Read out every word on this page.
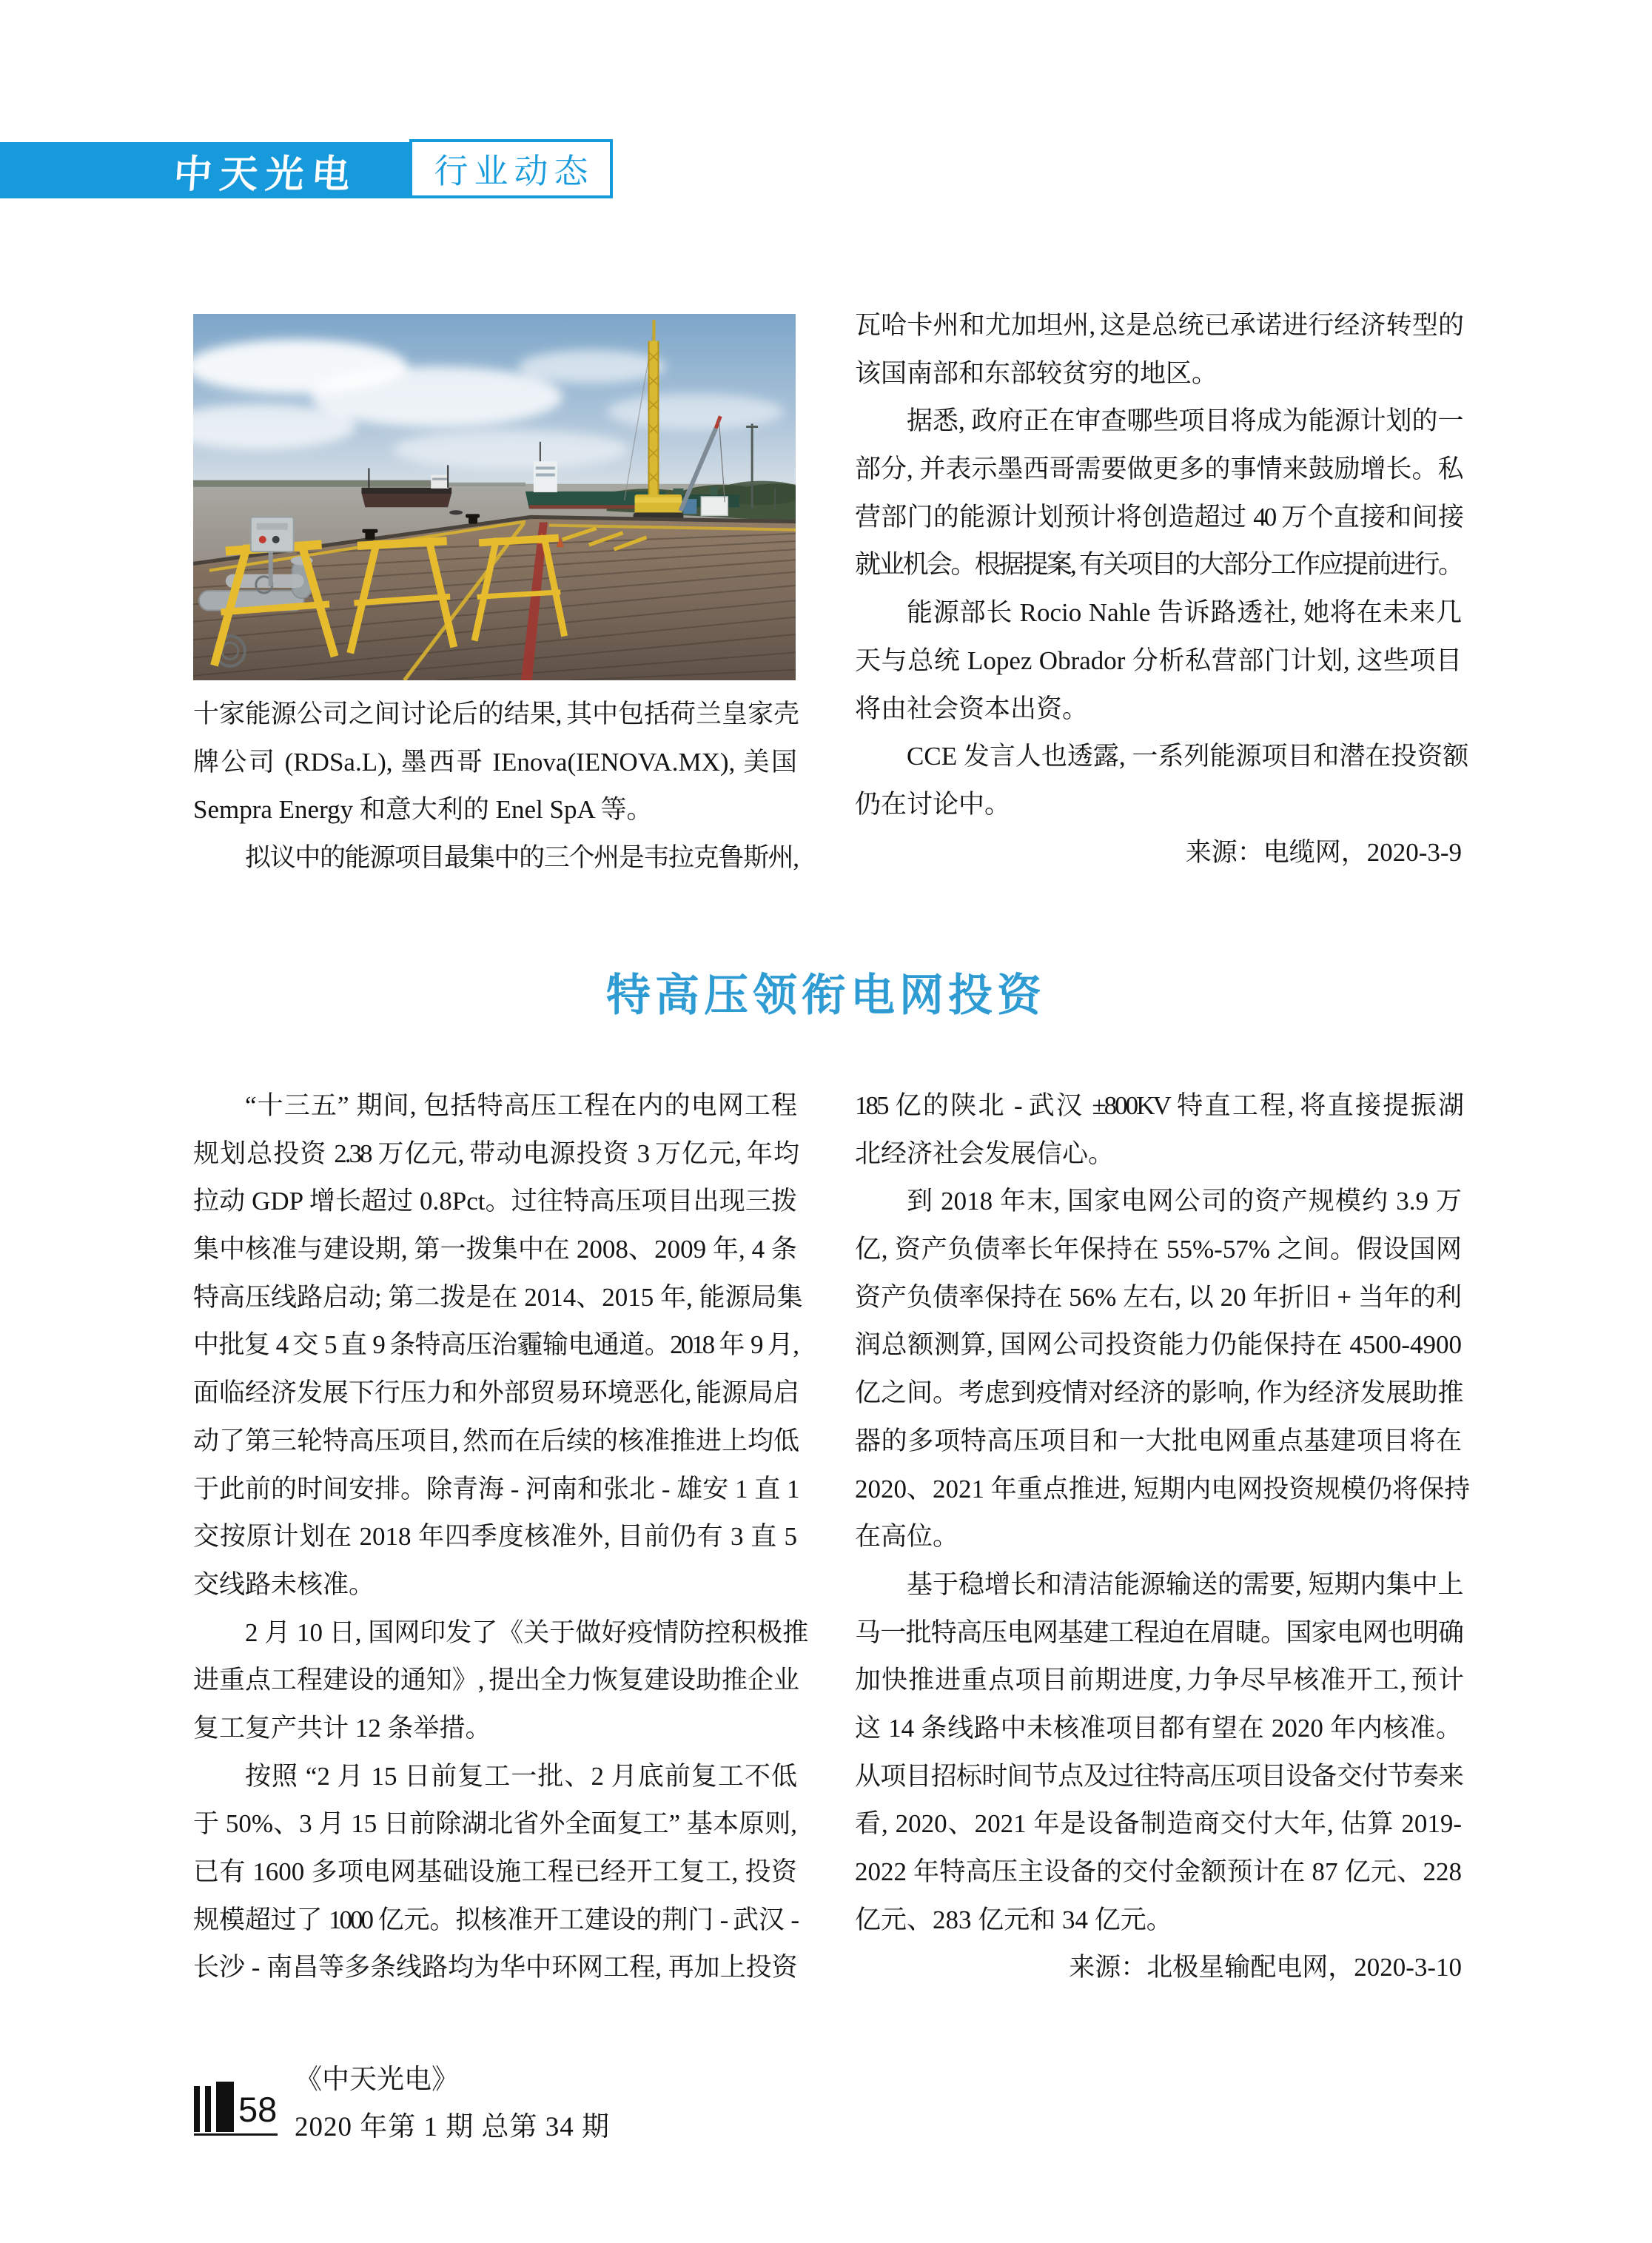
中天光电 行业动态
十家能源公司之间讨论后的结果, 其中包括荷兰皇家壳
牌公司 (RDSa.L), 墨西哥 IEnova(IENOVA.MX), 美国
Sempra Energy 和意大利的 Enel SpA 等。
拟议中的能源项目最集中的三个州是韦拉克鲁斯州,
瓦哈卡州和尤加坦州, 这是总统已承诺进行经济转型的
该国南部和东部较贫穷的地区。
据悉, 政府正在审查哪些项目将成为能源计划的一
部分, 并表示墨西哥需要做更多的事情来鼓励增长。私
营部门的能源计划预计将创造超过 40 万个直接和间接
就业机会。根据提案, 有关项目的大部分工作应提前进行。
能源部长 Rocio Nahle 告诉路透社, 她将在未来几
天与总统 Lopez Obrador 分析私营部门计划, 这些项目
将由社会资本出资。
CCE 发言人也透露, 一系列能源项目和潜在投资额
仍在讨论中。
来源：电缆网，2020-3-9
特高压领衔电网投资
“十三五” 期间, 包括特高压工程在内的电网工程
规划总投资 2.38 万亿元, 带动电源投资 3 万亿元, 年均
拉动 GDP 增长超过 0.8Pct。过往特高压项目出现三拨
集中核准与建设期, 第一拨集中在 2008、2009 年, 4 条
特高压线路启动; 第二拨是在 2014、2015 年, 能源局集
中批复 4 交 5 直 9 条特高压治霾输电通道。2018 年 9 月,
面临经济发展下行压力和外部贸易环境恶化, 能源局启
动了第三轮特高压项目, 然而在后续的核准推进上均低
于此前的时间安排。除青海 - 河南和张北 - 雄安 1 直 1
交按原计划在 2018 年四季度核准外, 目前仍有 3 直 5
交线路未核准。
2 月 10 日, 国网印发了《关于做好疫情防控积极推
进重点工程建设的通知》, 提出全力恢复建设助推企业
复工复产共计 12 条举措。
按照 “2 月 15 日前复工一批、2 月底前复工不低
于 50%、3 月 15 日前除湖北省外全面复工” 基本原则,
已有 1600 多项电网基础设施工程已经开工复工, 投资
规模超过了 1000 亿元。拟核准开工建设的荆门 - 武汉 -
长沙 - 南昌等多条线路均为华中环网工程, 再加上投资
185 亿的陕北 - 武汉 ±800KV 特直工程, 将直接提振湖
北经济社会发展信心。
到 2018 年末, 国家电网公司的资产规模约 3.9 万
亿, 资产负债率长年保持在 55%-57% 之间。假设国网
资产负债率保持在 56% 左右, 以 20 年折旧 + 当年的利
润总额测算, 国网公司投资能力仍能保持在 4500-4900
亿之间。考虑到疫情对经济的影响, 作为经济发展助推
器的多项特高压项目和一大批电网重点基建项目将在
2020、2021 年重点推进, 短期内电网投资规模仍将保持
在高位。
基于稳增长和清洁能源输送的需要, 短期内集中上
马一批特高压电网基建工程迫在眉睫。国家电网也明确
加快推进重点项目前期进度, 力争尽早核准开工, 预计
这 14 条线路中未核准项目都有望在 2020 年内核准。
从项目招标时间节点及过往特高压项目设备交付节奏来
看, 2020、2021 年是设备制造商交付大年, 估算 2019-
2022 年特高压主设备的交付金额预计在 87 亿元、228
亿元、283 亿元和 34 亿元。
来源：北极星输配电网，2020-3-10
58
《中天光电》
2020 年第 1 期 总第 34 期
